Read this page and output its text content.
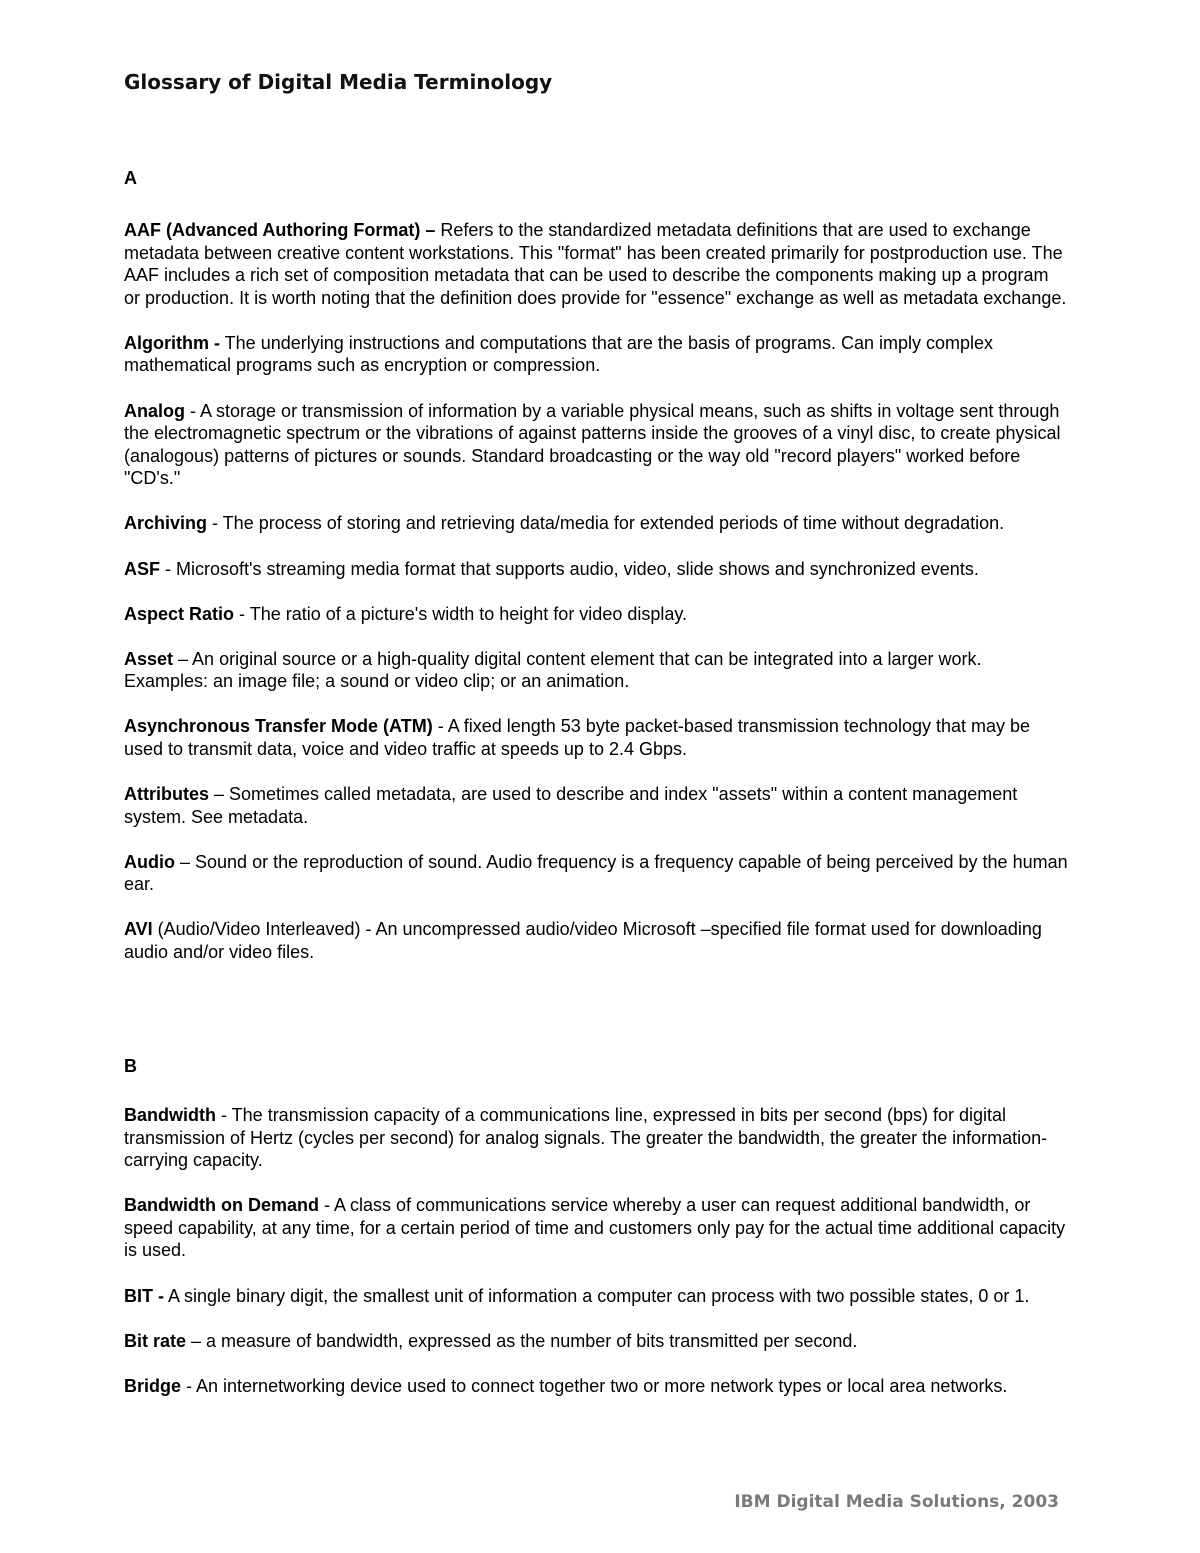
Glossary of Digital Media Terminology
A

AAF (Advanced Authoring Format) – Refers to the standardized metadata definitions that are used to exchange metadata between creative content workstations. This "format" has been created primarily for postproduction use. The AAF includes a rich set of composition metadata that can be used to describe the components making up a program or production. It is worth noting that the definition does provide for "essence" exchange as well as metadata exchange.

Algorithm - The underlying instructions and computations that are the basis of programs. Can imply complex mathematical programs such as encryption or compression.

Analog - A storage or transmission of information by a variable physical means, such as shifts in voltage sent through the electromagnetic spectrum or the vibrations of against patterns inside the grooves of a vinyl disc, to create physical (analogous) patterns of pictures or sounds. Standard broadcasting or the way old "record players" worked before "CD's."

Archiving - The process of storing and retrieving data/media for extended periods of time without degradation.

ASF - Microsoft's streaming media format that supports audio, video, slide shows and synchronized events.

Aspect Ratio - The ratio of a picture's width to height for video display.

Asset – An original source or a high-quality digital content element that can be integrated into a larger work. Examples: an image file; a sound or video clip; or an animation.

Asynchronous Transfer Mode (ATM) - A fixed length 53 byte packet-based transmission technology that may be used to transmit data, voice and video traffic at speeds up to 2.4 Gbps.

Attributes – Sometimes called metadata, are used to describe and index "assets" within a content management system. See metadata.

Audio – Sound or the reproduction of sound. Audio frequency is a frequency capable of being perceived by the human ear.

AVI (Audio/Video Interleaved) - An uncompressed audio/video Microsoft –specified file format used for downloading audio and/or video files.

B

Bandwidth - The transmission capacity of a communications line, expressed in bits per second (bps) for digital transmission of Hertz (cycles per second) for analog signals. The greater the bandwidth, the greater the information-carrying capacity.

Bandwidth on Demand - A class of communications service whereby a user can request additional bandwidth, or speed capability, at any time, for a certain period of time and customers only pay for the actual time additional capacity is used.

BIT - A single binary digit, the smallest unit of information a computer can process with two possible states, 0 or 1.

Bit rate – a measure of bandwidth, expressed as the number of bits transmitted per second.

Bridge - An internetworking device used to connect together two or more network types or local area networks.

IBM Digital Media Solutions, 2003
